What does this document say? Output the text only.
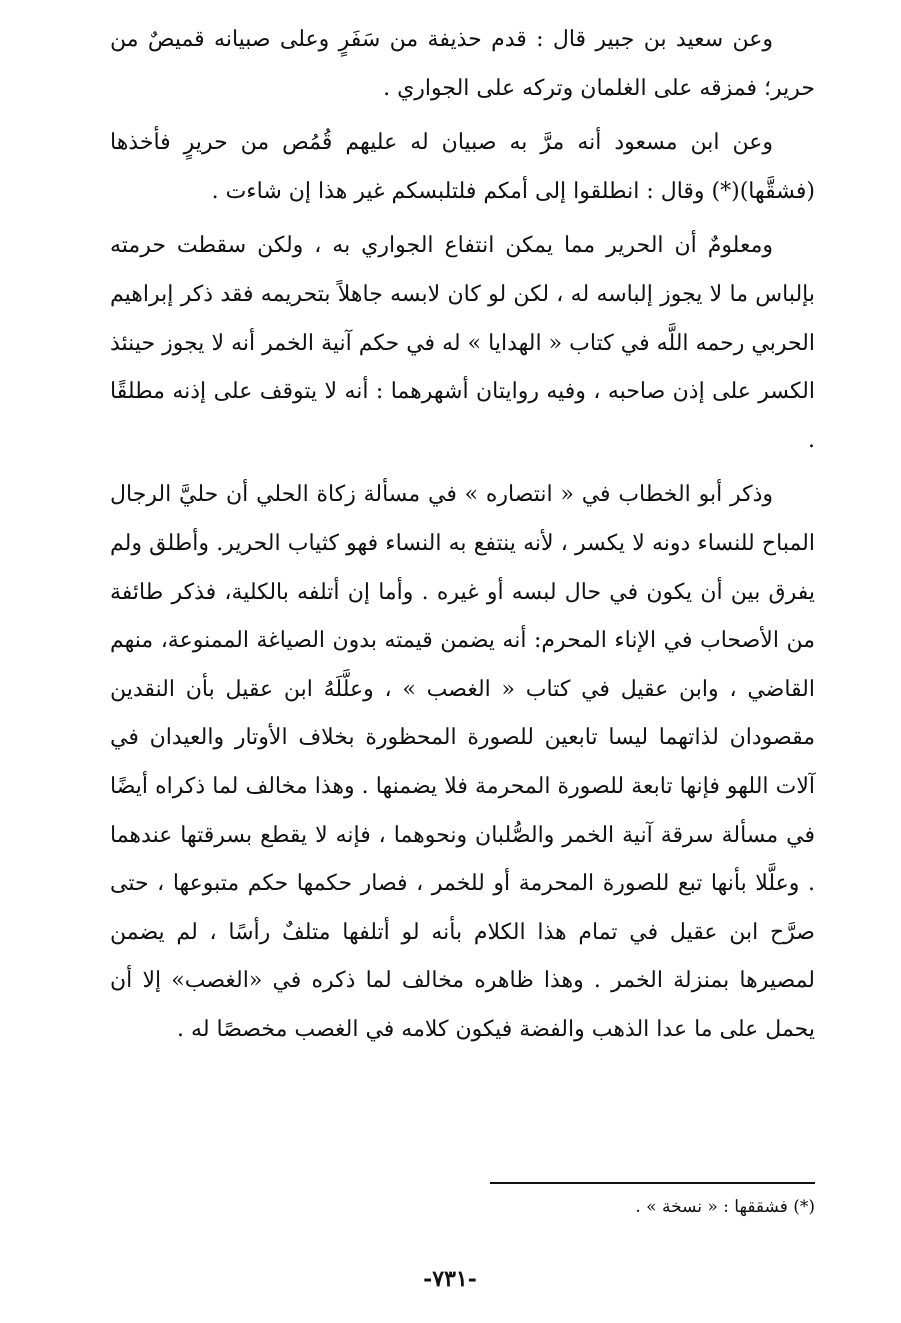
وعن سعيد بن جبير قال : قدم حذيفة من سَفَرٍ وعلى صبيانه قميصٌ من حرير؛ فمزقه على الغلمان وتركه على الجواري .

وعن ابن مسعود أنه مرَّ به صبيان له عليهم قُمُص من حريرٍ فأخذها (فشقَّها)(*) وقال : انطلقوا إلى أمكم فلتلبسكم غير هذا إن شاءت .

ومعلومٌ أن الحرير مما يمكن انتفاع الجواري به ، ولكن سقطت حرمته بإلباس ما لا يجوز إلباسه له ، لكن لو كان لابسه جاهلاً بتحريمه فقد ذكر إبراهيم الحربي رحمه اللَّه في كتاب « الهدايا » له في حكم آنية الخمر أنه لا يجوز حينئذ الكسر على إذن صاحبه ، وفيه روايتان أشهرهما : أنه لا يتوقف على إذنه مطلقًا .

وذكر أبو الخطاب في « انتصاره » في مسألة زكاة الحلي أن حليَّ الرجال المباح للنساء دونه لا يكسر ، لأنه ينتفع به النساء فهو كثياب الحرير. وأطلق ولم يفرق بين أن يكون في حال لبسه أو غيره . وأما إن أتلفه بالكلية، فذكر طائفة من الأصحاب في الإناء المحرم: أنه يضمن قيمته بدون الصياغة الممنوعة، منهم القاضي ، وابن عقيل في كتاب « الغصب » ، وعلَّلَهُ ابن عقيل بأن النقدين مقصودان لذاتهما ليسا تابعين للصورة المحظورة بخلاف الأوتار والعيدان في آلات اللهو فإنها تابعة للصورة المحرمة فلا يضمنها . وهذا مخالف لما ذكراه أيضًا في مسألة سرقة آنية الخمر والصُّلبان ونحوهما ، فإنه لا يقطع بسرقتها عندهما . وعلَّلا بأنها تبع للصورة المحرمة أو للخمر ، فصار حكمها حكم متبوعها ، حتى صرَّح ابن عقيل في تمام هذا الكلام بأنه لو أتلفها متلفٌ رأسًا ، لم يضمن لمصيرها بمنزلة الخمر . وهذا ظاهره مخالف لما ذكره في «الغصب» إلا أن يحمل على ما عدا الذهب والفضة فيكون كلامه في الغصب مخصصًا له .

(*) فشققها : « نسخة » .
-٧٣١-
